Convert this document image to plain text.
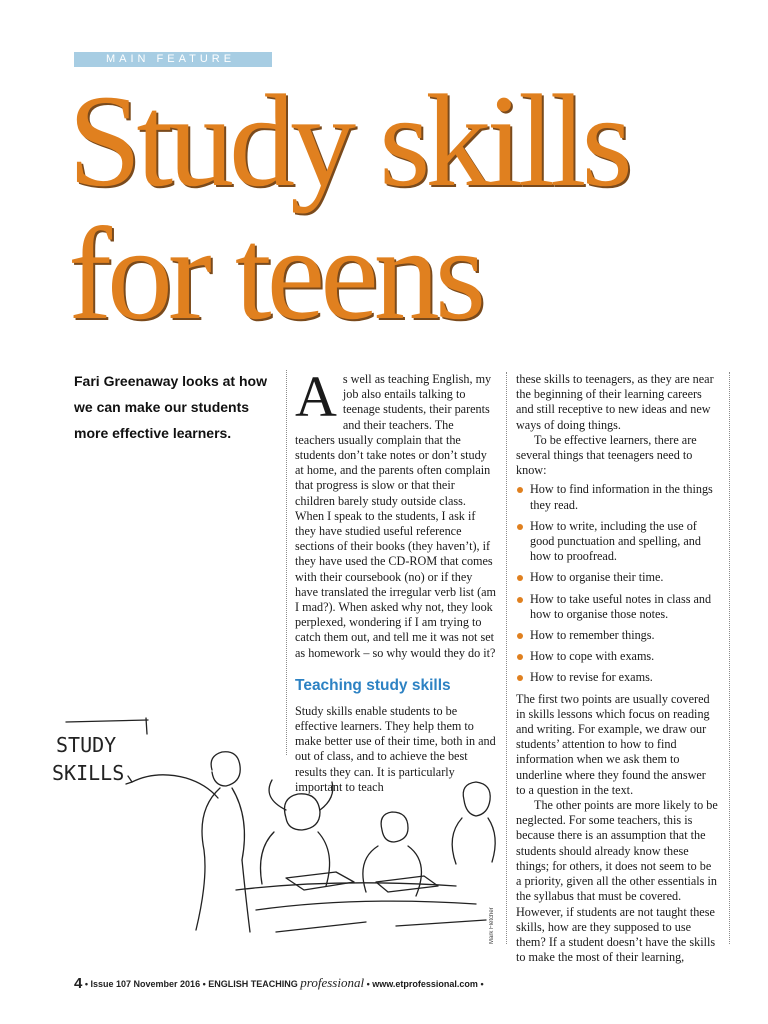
MAIN FEATURE
Study skills
for teens
Fari Greenaway looks at how we can make our students more effective learners.

As well as teaching English, my job also entails talking to teenage students, their parents and their teachers. The teachers usually complain that the students don’t take notes or don’t study at home, and the parents often complain that progress is slow or that their children barely study outside class. When I speak to the students, I ask if they have studied useful reference sections of their books (they haven’t), if they have used the CD-ROM that comes with their coursebook (no) or if they have translated the irregular verb list (am I mad?). When asked why not, they look perplexed, wondering if I am trying to catch them out, and tell me it was not set as homework – so why would they do it?

Teaching study skills

Study skills enable students to be effective learners. They help them to make better use of their time, both in and out of class, and to achieve the best results they can. It is particularly important to teach

these skills to teenagers, as they are near the beginning of their learning careers and still receptive to new ideas and new ways of doing things.

To be effective learners, there are several things that teenagers need to know:

How to find information in the things they read.
How to write, including the use of good punctuation and spelling, and how to proofread.
How to organise their time.
How to take useful notes in class and how to organise those notes.
How to remember things.
How to cope with exams.
How to revise for exams.

The first two points are usually covered in skills lessons which focus on reading and writing. For example, we draw our students’ attention to how to find information when we ask them to underline where they found the answer to a question in the text.

The other points are more likely to be neglected. For some teachers, this is because there is an assumption that the students should already know these things; for others, it does not seem to be a priority, given all the other essentials in the syllabus that must be covered. However, if students are not taught these skills, how are they supposed to use them? If a student doesn’t have the skills to make the most of their learning,

STUDY
SKILLS
Mark Fletcher
4 • Issue 107 November 2016 • ENGLISH TEACHING professional • www.etprofessional.com •
